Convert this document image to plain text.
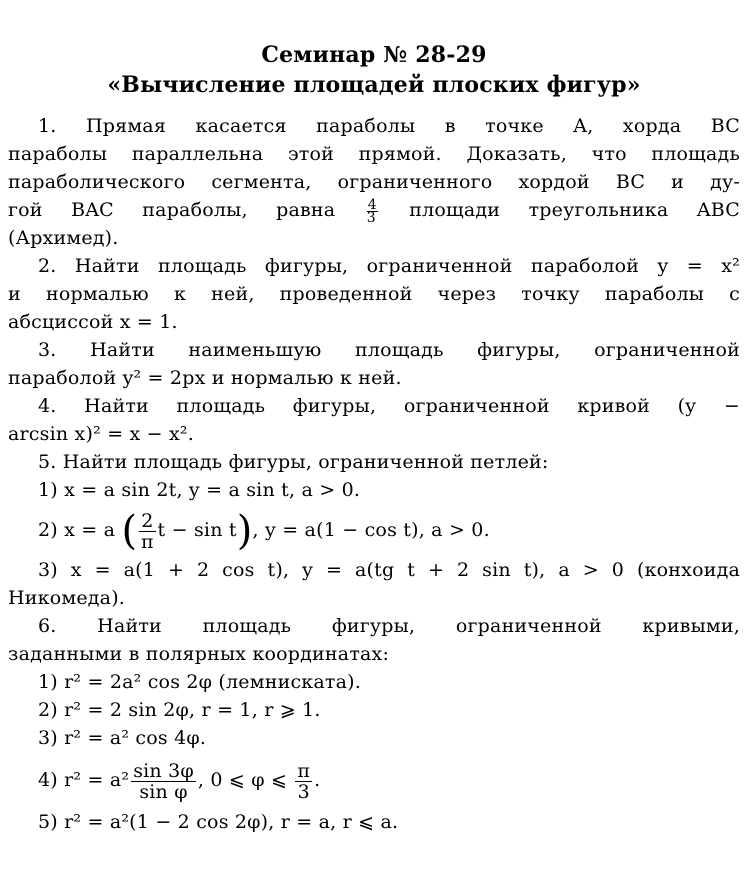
Семинар № 28-29
«Вычисление площадей плоских фигур»

1. Прямая касается параболы в точке A, хорда BC

параболы параллельна этой прямой. Доказать, что площадь

параболического сегмента, ограниченного хордой BC и ду-

гой BAC параболы, равна $\frac{4}{3}$ площади треугольника ABC

(Архимед).

2. Найти площадь фигуры, ограниченной параболой y = x²

и нормалью к ней, проведенной через точку параболы с

абсциссой x = 1.

3. Найти наименьшую площадь фигуры, ограниченной

параболой y² = 2px и нормалью к ней.

4. Найти площадь фигуры, ограниченной кривой (y −

arcsin x)² = x − x².

5. Найти площадь фигуры, ограниченной петлей:

1) x = a sin 2t, y = a sin t, a > 0.

2) x = a ( $\frac{2}{\pi}$ t − sin t), y = a(1 − cos t), a > 0.

3) x = a(1 + 2 cos t), y = a(tg t + 2 sin t), a > 0 (конхоида

Никомеда).

6. Найти площадь фигуры, ограниченной кривыми,

заданными в полярных координатах:

1) r² = 2a² cos 2φ (лемниската).

2) r² = 2 sin 2φ, r = 1, r ⩾ 1.

3) r² = a² cos 4φ.

4) $r^2 = a^2 \frac{\sin 3\varphi}{\text{sin φ}}$ , 0 ⩽ φ ⩽ $\frac{\pi}{3}$ .

5) r² = a²(1 − 2 cos 2φ), r = a, r ⩽ a.
